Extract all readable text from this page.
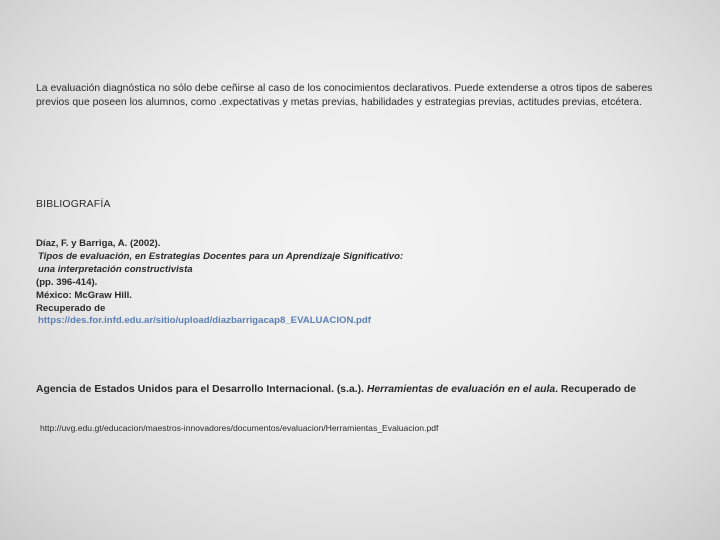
La evaluación diagnóstica no sólo debe ceñirse al caso de los conocimientos declarativos. Puede extenderse a otros tipos de saberes previos que poseen los alumnos, como .expectativas y metas previas, habilidades y estrategias previas, actitudes previas, etcétera.
BIBLIOGRAFÍA
Díaz, F. y Barriga, A. (2002).
Tipos de evaluación, en Estrategias Docentes para un Aprendizaje Significativo:
una interpretación constructivista
(pp. 396-414).
México: McGraw Hill.
Recuperado de
https://des.for.infd.edu.ar/sitio/upload/diazbarrigacap8_EVALUACION.pdf
Agencia de Estados Unidos para el Desarrollo Internacional. (s.a.). Herramientas de evaluación en el aula. Recuperado de
http://uvg.edu.gt/educacion/maestros-innovadores/documentos/evaluacion/Herramientas_Evaluacion.pdf
